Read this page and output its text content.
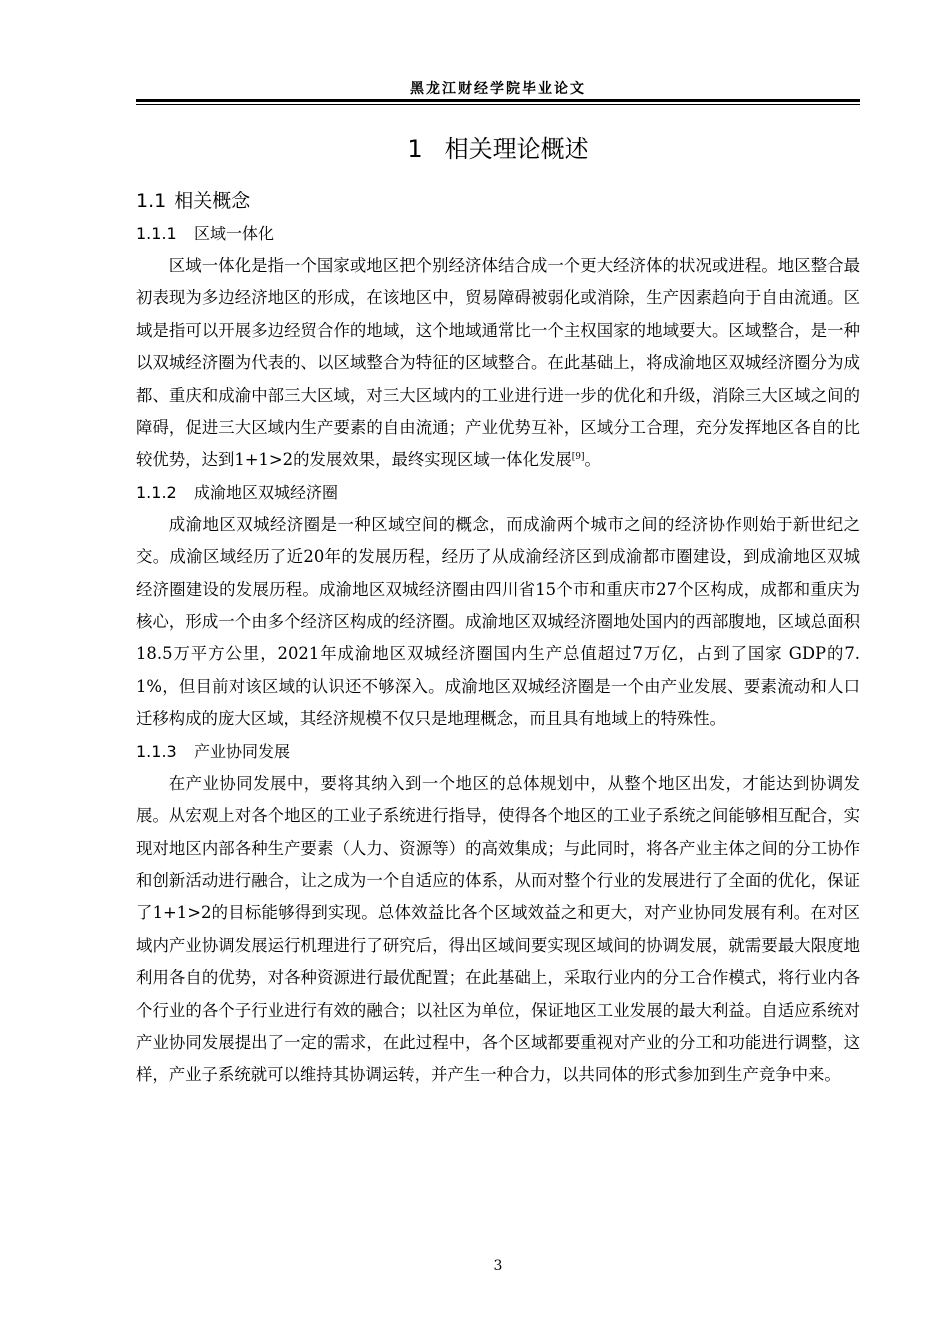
黑龙江财经学院毕业论文
1 相关理论概述
1.1 相关概念
1.1.1 区域一体化

区域一体化是指一个国家或地区把个别经济体结合成一个更大经济体的状况或进程。地区整合最初表现为多边经济地区的形成，在该地区中，贸易障碍被弱化或消除，生产因素趋向于自由流通。区域是指可以开展多边经贸合作的地域，这个地域通常比一个主权国家的地域要大。区域整合，是一种以双城经济圈为代表的、以区域整合为特征的区域整合。在此基础上，将成渝地区双城经济圈分为成都、重庆和成渝中部三大区域，对三大区域内的工业进行进一步的优化和升级，消除三大区域之间的障碍，促进三大区域内生产要素的自由流通；产业优势互补，区域分工合理，充分发挥地区各自的比较优势，达到1+1>2的发展效果，最终实现区域一体化发展[9]。

1.1.2 成渝地区双城经济圈

成渝地区双城经济圈是一种区域空间的概念，而成渝两个城市之间的经济协作则始于新世纪之交。成渝区域经历了近20年的发展历程，经历了从成渝经济区到成渝都市圈建设，到成渝地区双城经济圈建设的发展历程。成渝地区双城经济圈由四川省15个市和重庆市27个区构成，成都和重庆为核心，形成一个由多个经济区构成的经济圈。成渝地区双城经济圈地处国内的西部腹地，区域总面积18.5万平方公里，2021年成渝地区双城经济圈国内生产总值超过7万亿，占到了国家 GDP的7.1%，但目前对该区域的认识还不够深入。成渝地区双城经济圈是一个由产业发展、要素流动和人口迁移构成的庞大区域，其经济规模不仅只是地理概念，而且具有地域上的特殊性。

1.1.3 产业协同发展

在产业协同发展中，要将其纳入到一个地区的总体规划中，从整个地区出发，才能达到协调发展。从宏观上对各个地区的工业子系统进行指导，使得各个地区的工业子系统之间能够相互配合，实现对地区内部各种生产要素（人力、资源等）的高效集成；与此同时，将各产业主体之间的分工协作和创新活动进行融合，让之成为一个自适应的体系，从而对整个行业的发展进行了全面的优化，保证了1+1>2的目标能够得到实现。总体效益比各个区域效益之和更大，对产业协同发展有利。在对区域内产业协调发展运行机理进行了研究后，得出区域间要实现区域间的协调发展，就需要最大限度地利用各自的优势，对各种资源进行最优配置；在此基础上，采取行业内的分工合作模式，将行业内各个行业的各个子行业进行有效的融合；以社区为单位，保证地区工业发展的最大利益。自适应系统对产业协同发展提出了一定的需求，在此过程中，各个区域都要重视对产业的分工和功能进行调整，这样，产业子系统就可以维持其协调运转，并产生一种合力，以共同体的形式参加到生产竞争中来。

3
